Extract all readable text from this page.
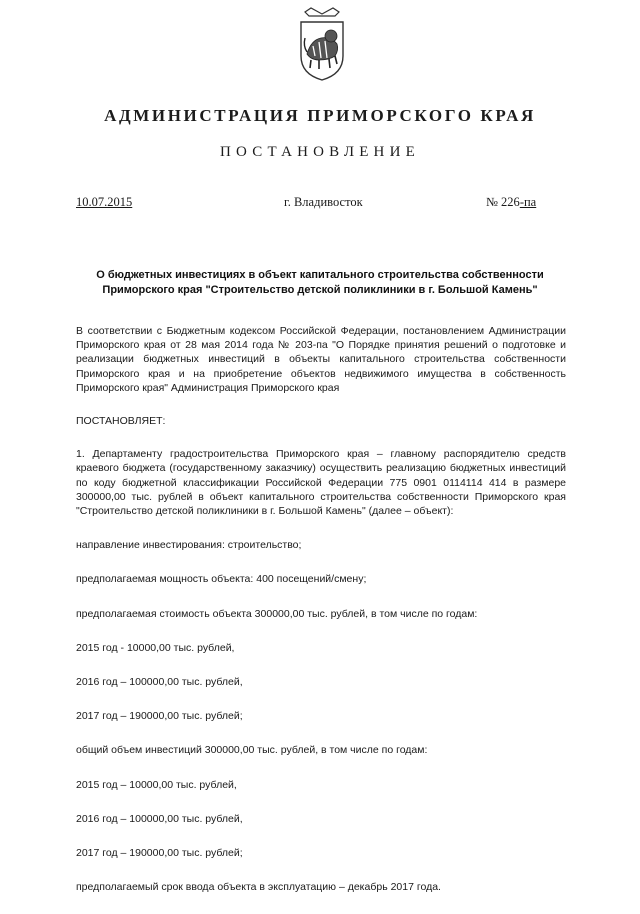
АДМИНИСТРАЦИЯ ПРИМОРСКОГО КРАЯ
ПОСТАНОВЛЕНИЕ
10.07.2015	г. Владивосток	№ 226-па
О бюджетных инвестициях в объект капитального строительства собственности
Приморского края "Строительство детской поликлиники в г. Большой Камень"

В соответствии с Бюджетным кодексом Российской Федерации, постановлением Администрации Приморского края от 28 мая 2014 года № 203-па "О Порядке принятия решений о подготовке и реализации бюджетных инвестиций в объекты капитального строительства собственности Приморского края и на приобретение объектов недвижимого имущества в собственность Приморского края" Администрация Приморского края

ПОСТАНОВЛЯЕТ:

1. Департаменту градостроительства Приморского края – главному распорядителю средств краевого бюджета (государственному заказчику) осуществить реализацию бюджетных инвестиций по коду бюджетной классификации Российской Федерации 775 0901 0114114 414 в размере 300000,00 тыс. рублей в объект капитального строительства собственности Приморского края "Строительство детской поликлиники в г. Большой Камень" (далее – объект):

направление инвестирования: строительство;

предполагаемая мощность объекта: 400 посещений/смену;

предполагаемая стоимость объекта 300000,00 тыс. рублей, в том числе по годам:

2015 год - 10000,00 тыс. рублей,

2016 год – 100000,00 тыс. рублей,

2017 год – 190000,00 тыс. рублей;

общий объем инвестиций 300000,00 тыс. рублей, в том числе по годам:

2015 год – 10000,00 тыс. рублей,

2016 год – 100000,00 тыс. рублей,

2017 год – 190000,00 тыс. рублей;

предполагаемый срок ввода объекта в эксплуатацию – декабрь 2017 года.
